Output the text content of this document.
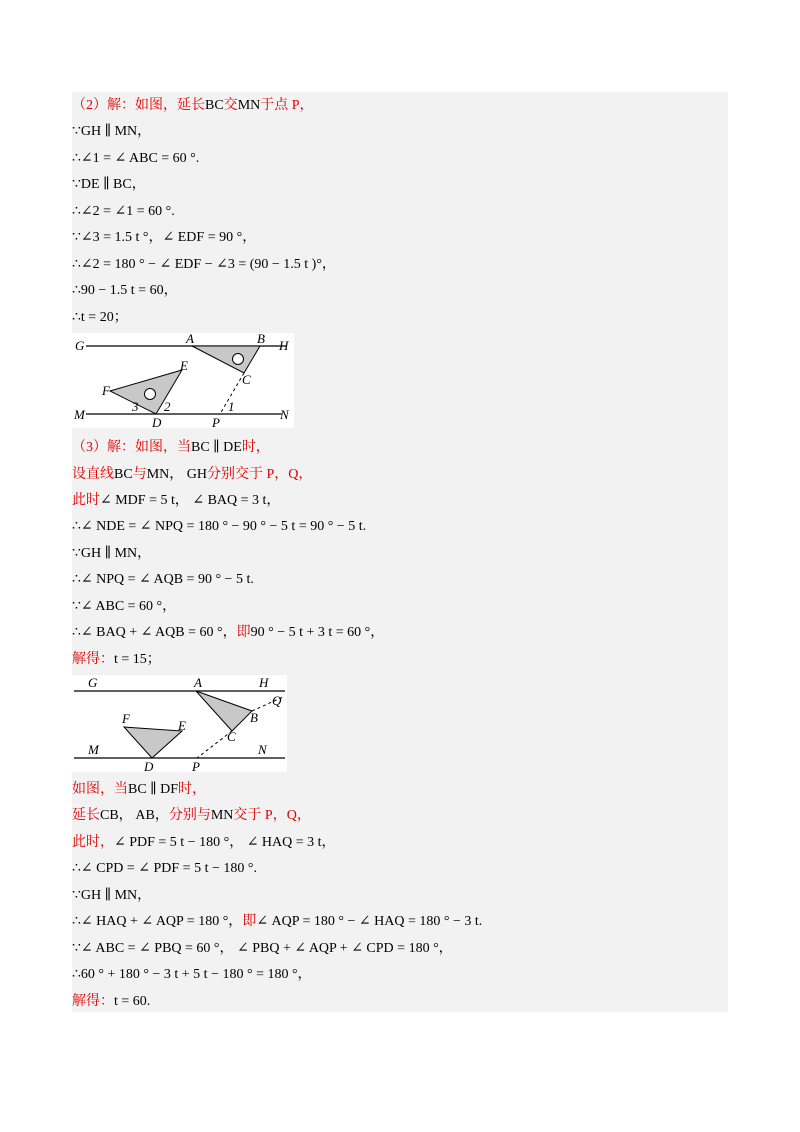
（2）解：如图，延长BC交MN于点 P，
∵GH ∥ MN，
∴∠1 = ∠ ABC = 60 °.
∵DE ∥ BC，
∴∠2 = ∠1 = 60 °.
∵∠3 = 1.5 t °，∠ EDF = 90 °，
∴∠2 = 180 ° − ∠ EDF − ∠3 = (90 − 1.5 t )°，
∴90 − 1.5 t = 60，
∴t = 20；
（3）解：如图，当BC ∥ DE时，
设直线BC与MN， GH分别交于 P，Q，
此时∠ MDF = 5 t， ∠ BAQ = 3 t，
∴∠ NDE = ∠ NPQ = 180 ° − 90 ° − 5 t = 90 ° − 5 t.
∵GH ∥ MN，
∴∠ NPQ = ∠ AQB = 90 ° − 5 t.
∵∠ ABC = 60 °，
∴∠ BAQ + ∠ AQB = 60 °，即90 ° − 5 t + 3 t = 60 °，
解得：t = 15；
如图，当BC ∥ DF时，
延长CB， AB，分别与MN交于 P，Q，
此时，∠ PDF = 5 t − 180 °， ∠ HAQ = 3 t，
∴∠ CPD = ∠ PDF = 5 t − 180 °.
∵GH ∥ MN，
∴∠ HAQ + ∠ AQP = 180 °，即∠ AQP = 180 ° − ∠ HAQ = 180 ° − 3 t.
∵∠ ABC = ∠ PBQ = 60 °， ∠ PBQ + ∠ AQP + ∠ CPD = 180 °，
∴60 ° + 180 ° − 3 t + 5 t − 180 ° = 180 °，
解得：t = 60.
G	A	B H
C
E
F
M	N
D	P
1
2
3
G	A	H
Q
B
C
F	E
M	N
D	P
